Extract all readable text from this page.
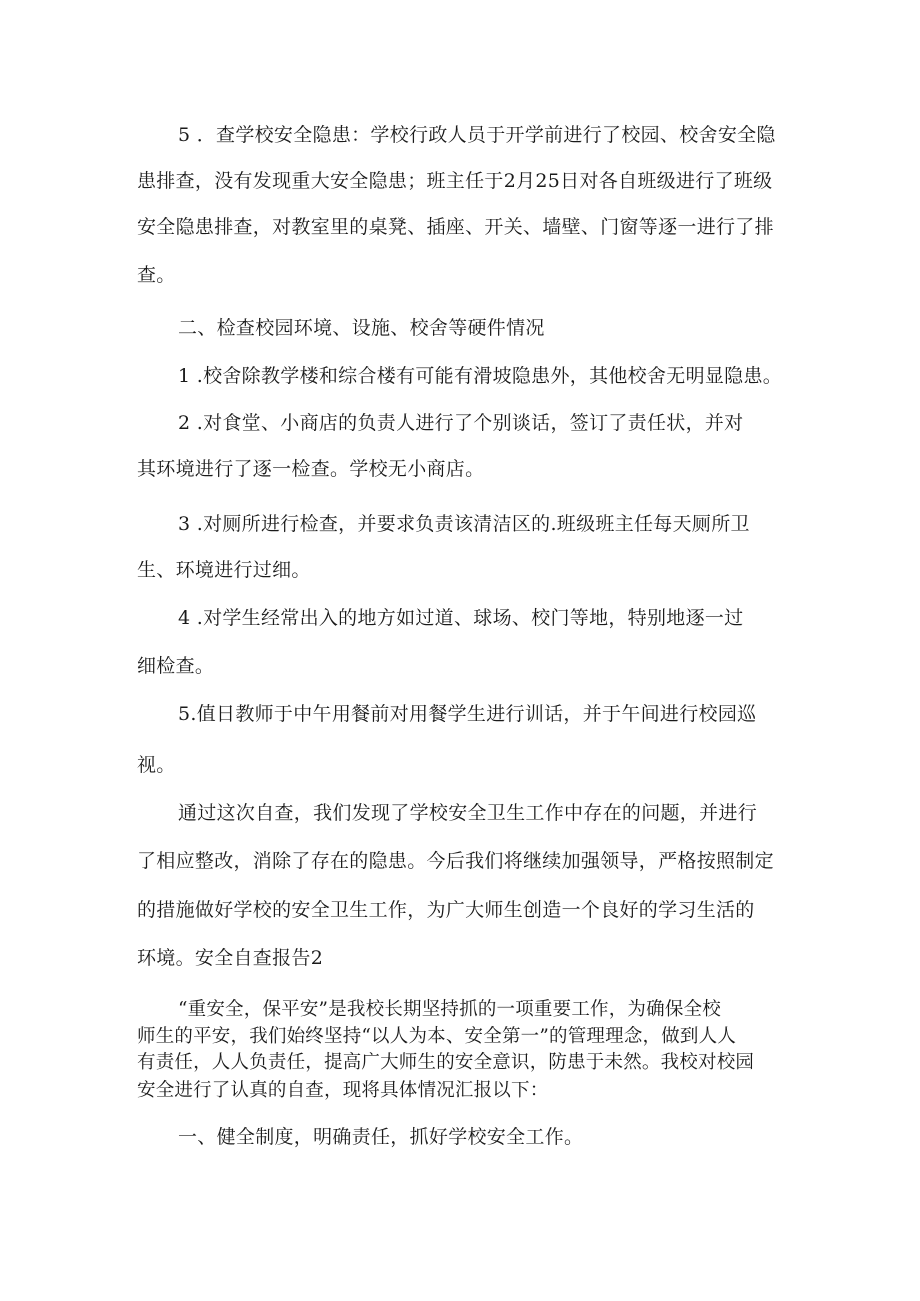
5 ．查学校安全隐患：学校行政人员于开学前进行了校园、校舍安全隐
患排查，没有发现重大安全隐患；班主任于2月25日对各自班级进行了班级
安全隐患排查，对教室里的桌凳、插座、开关、墙壁、门窗等逐一进行了排
查。
二、检查校园环境、设施、校舍等硬件情况
1 .校舍除教学楼和综合楼有可能有滑坡隐患外，其他校舍无明显隐患。
2 .对食堂、小商店的负责人进行了个别谈话，签订了责任状，并对
其环境进行了逐一检查。学校无小商店。
3 .对厕所进行检查，并要求负责该清洁区的.班级班主任每天厕所卫
生、环境进行过细。
4 .对学生经常出入的地方如过道、球场、校门等地，特别地逐一过
细检查。
5.值日教师于中午用餐前对用餐学生进行训话，并于午间进行校园巡
视。
通过这次自查，我们发现了学校安全卫生工作中存在的问题，并进行
了相应整改，消除了存在的隐患。今后我们将继续加强领导，严格按照制定
的措施做好学校的安全卫生工作，为广大师生创造一个良好的学习生活的
环境。安全自查报告2
“重安全，保平安”是我校长期坚持抓的一项重要工作，为确保全校
师生的平安，我们始终坚持“以人为本、安全第一”的管理理念，做到人人
有责任，人人负责任，提高广大师生的安全意识，防患于未然。我校对校园
安全进行了认真的自查，现将具体情况汇报以下：
一、健全制度，明确责任，抓好学校安全工作。
